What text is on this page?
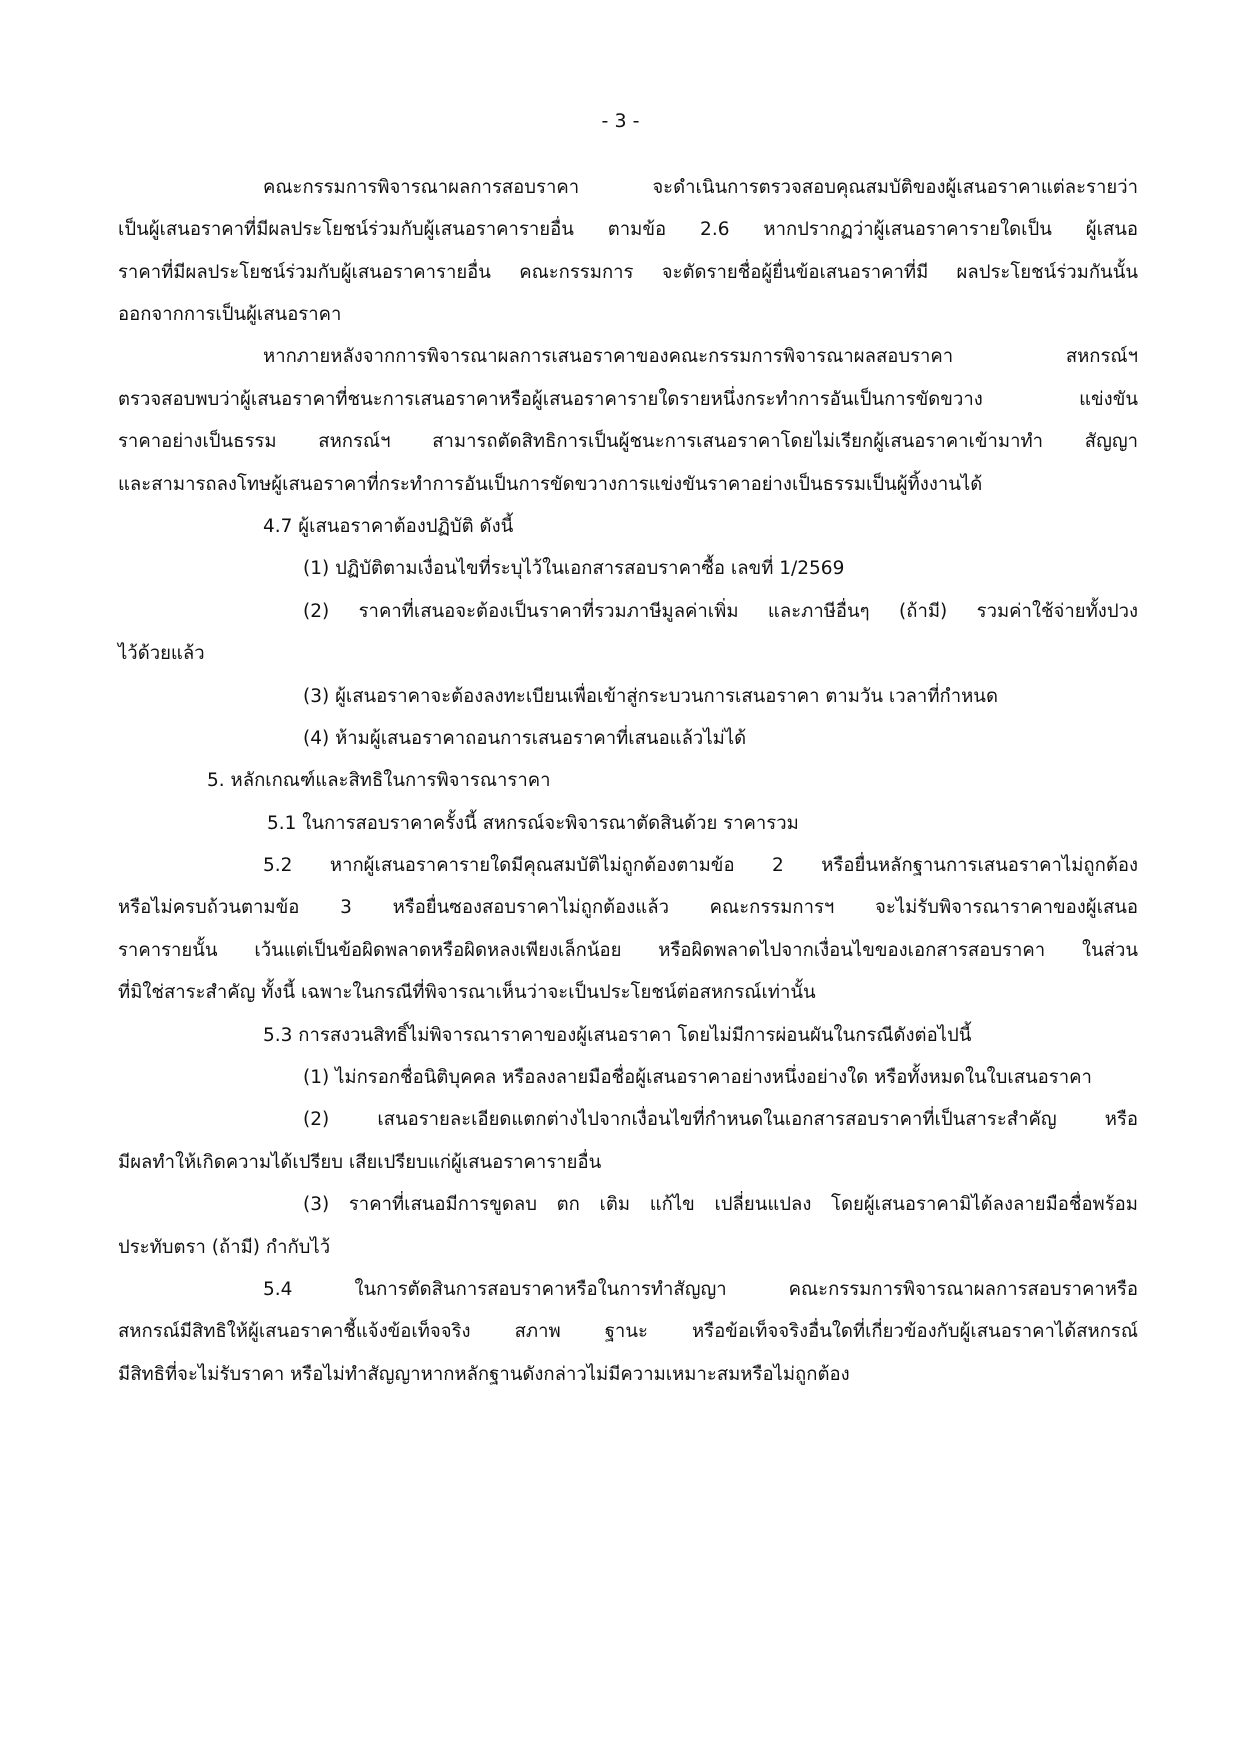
- 3 -
คณะกรรมการพิจารณาผลการสอบราคา จะดำเนินการตรวจสอบคุณสมบัติของผู้เสนอราคาแต่ละรายว่า
เป็นผู้เสนอราคาที่มีผลประโยชน์ร่วมกับผู้เสนอราคารายอื่น ตามข้อ 2.6 หากปรากฏว่าผู้เสนอราคารายใดเป็น ผู้เสนอ
ราคาที่มีผลประโยชน์ร่วมกับผู้เสนอราคารายอื่น คณะกรรมการ จะตัดรายชื่อผู้ยื่นข้อเสนอราคาที่มี ผลประโยชน์ร่วมกันนั้น
ออกจากการเป็นผู้เสนอราคา
หากภายหลังจากการพิจารณาผลการเสนอราคาของคณะกรรมการพิจารณาผลสอบราคา สหกรณ์ฯ
ตรวจสอบพบว่าผู้เสนอราคาที่ชนะการเสนอราคาหรือผู้เสนอราคารายใดรายหนึ่งกระทำการอันเป็นการขัดขวาง แข่งขัน
ราคาอย่างเป็นธรรม สหกรณ์ฯ สามารถตัดสิทธิการเป็นผู้ชนะการเสนอราคาโดยไม่เรียกผู้เสนอราคาเข้ามาทำ สัญญา
และสามารถลงโทษผู้เสนอราคาที่กระทำการอันเป็นการขัดขวางการแข่งขันราคาอย่างเป็นธรรมเป็นผู้ทิ้งงานได้
4.7 ผู้เสนอราคาต้องปฏิบัติ ดังนี้
(1) ปฏิบัติตามเงื่อนไขที่ระบุไว้ในเอกสารสอบราคาซื้อ เลขที่ 1/2569
(2) ราคาที่เสนอจะต้องเป็นราคาที่รวมภาษีมูลค่าเพิ่ม และภาษีอื่นๆ (ถ้ามี) รวมค่าใช้จ่ายทั้งปวง
ไว้ด้วยแล้ว
(3) ผู้เสนอราคาจะต้องลงทะเบียนเพื่อเข้าสู่กระบวนการเสนอราคา ตามวัน เวลาที่กำหนด
(4) ห้ามผู้เสนอราคาถอนการเสนอราคาที่เสนอแล้วไม่ได้
5. หลักเกณฑ์และสิทธิในการพิจารณาราคา
5.1 ในการสอบราคาครั้งนี้ สหกรณ์จะพิจารณาตัดสินด้วย ราคารวม
5.2 หากผู้เสนอราคารายใดมีคุณสมบัติไม่ถูกต้องตามข้อ 2 หรือยื่นหลักฐานการเสนอราคาไม่ถูกต้อง
หรือไม่ครบถ้วนตามข้อ 3 หรือยื่นซองสอบราคาไม่ถูกต้องแล้ว คณะกรรมการฯ จะไม่รับพิจารณาราคาของผู้เสนอ
ราคารายนั้น เว้นแต่เป็นข้อผิดพลาดหรือผิดหลงเพียงเล็กน้อย หรือผิดพลาดไปจากเงื่อนไขของเอกสารสอบราคา ในส่วน
ที่มิใช่สาระสำคัญ ทั้งนี้ เฉพาะในกรณีที่พิจารณาเห็นว่าจะเป็นประโยชน์ต่อสหกรณ์เท่านั้น
5.3 การสงวนสิทธิ์ไม่พิจารณาราคาของผู้เสนอราคา โดยไม่มีการผ่อนผันในกรณีดังต่อไปนี้
(1) ไม่กรอกชื่อนิติบุคคล หรือลงลายมือชื่อผู้เสนอราคาอย่างหนึ่งอย่างใด หรือทั้งหมดในใบเสนอราคา
(2) เสนอรายละเอียดแตกต่างไปจากเงื่อนไขที่กำหนดในเอกสารสอบราคาที่เป็นสาระสำคัญ หรือ
มีผลทำให้เกิดความได้เปรียบ เสียเปรียบแก่ผู้เสนอราคารายอื่น
(3) ราคาที่เสนอมีการขูดลบ ตก เติม แก้ไข เปลี่ยนแปลง โดยผู้เสนอราคามิได้ลงลายมือชื่อพร้อม
ประทับตรา (ถ้ามี) กำกับไว้
5.4 ในการตัดสินการสอบราคาหรือในการทำสัญญา คณะกรรมการพิจารณาผลการสอบราคาหรือ
สหกรณ์มีสิทธิให้ผู้เสนอราคาชี้แจ้งข้อเท็จจริง สภาพ ฐานะ หรือข้อเท็จจริงอื่นใดที่เกี่ยวข้องกับผู้เสนอราคาได้สหกรณ์
มีสิทธิที่จะไม่รับราคา หรือไม่ทำสัญญาหากหลักฐานดังกล่าวไม่มีความเหมาะสมหรือไม่ถูกต้อง
